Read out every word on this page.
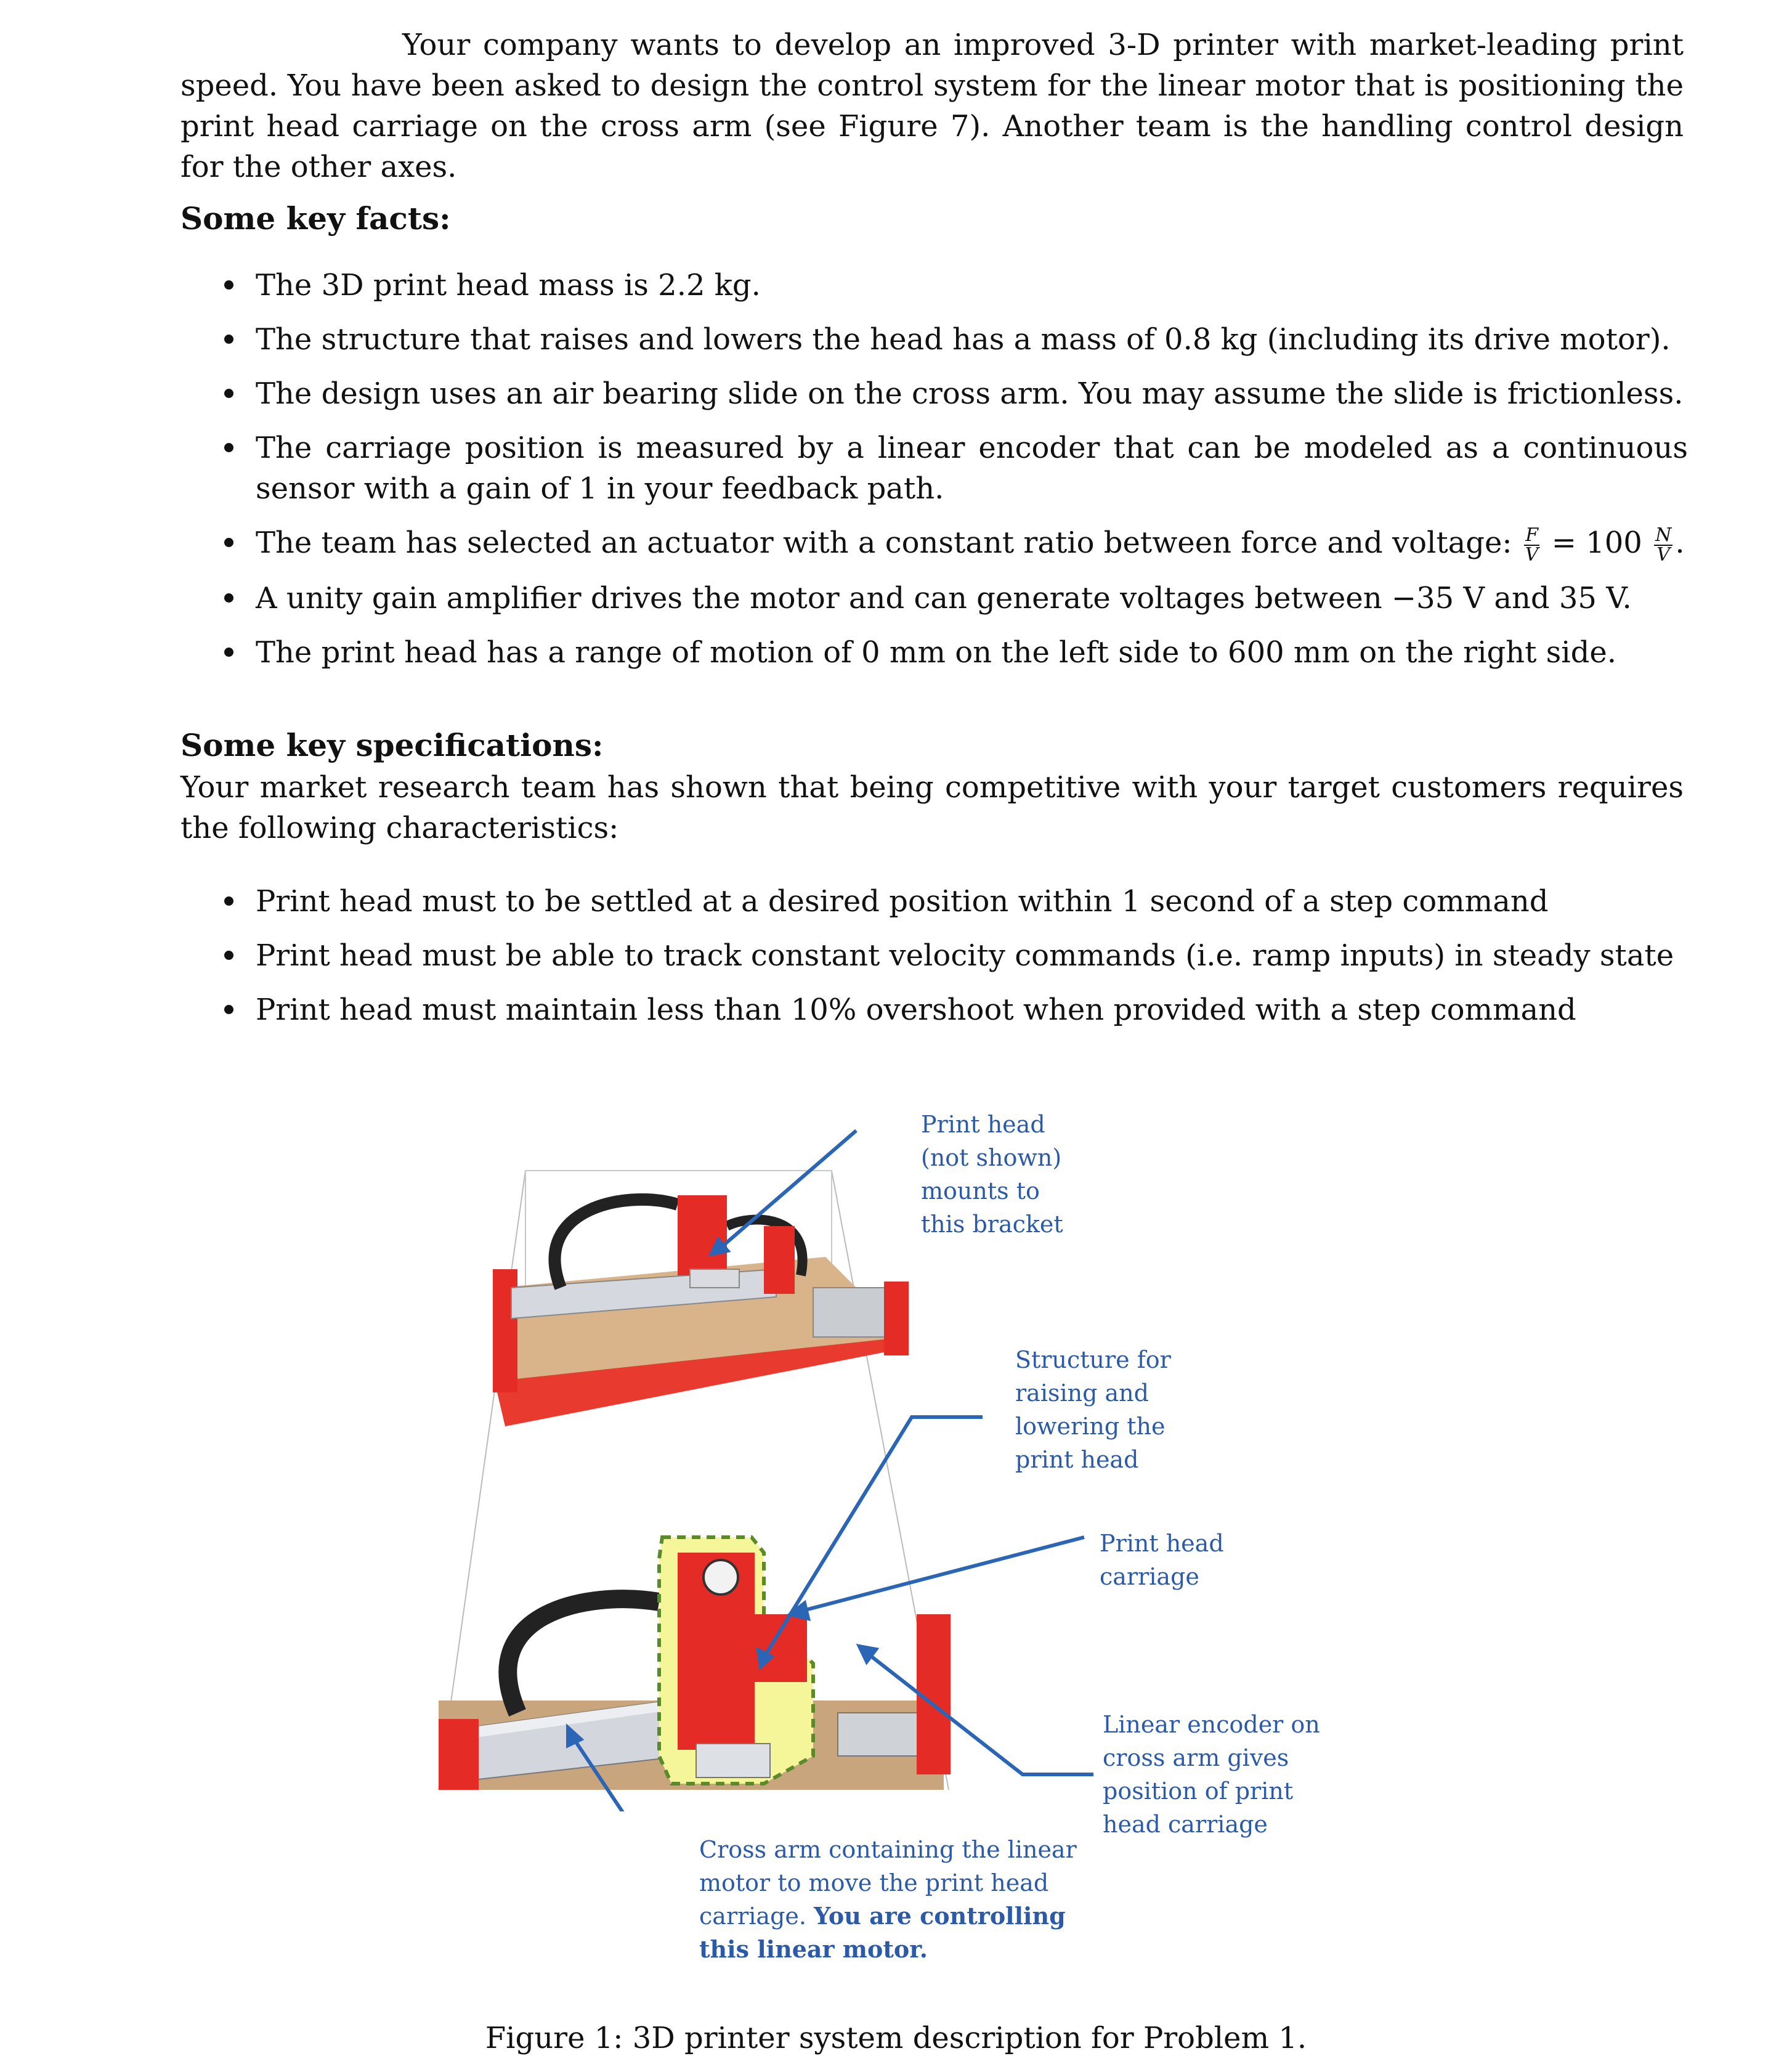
Your company wants to develop an improved 3-D printer with market-leading print speed. You have been asked to design the control system for the linear motor that is positioning the print head carriage on the cross arm (see Figure 7). Another team is the handling control design for the other axes.

Some key facts:

The 3D print head mass is 2.2 kg.
The structure that raises and lowers the head has a mass of 0.8 kg (including its drive motor).
The design uses an air bearing slide on the cross arm. You may assume the slide is frictionless.
The carriage position is measured by a linear encoder that can be modeled as a continuous sensor with a gain of 1 in your feedback path.
The team has selected an actuator with a constant ratio between force and voltage: $\frac{F}{V} = 100 \frac{N}{V}$ .
A unity gain amplifier drives the motor and can generate voltages between −35 V and 35 V.
The print head has a range of motion of 0 mm on the left side to 600 mm on the right side.

Some key specifications:

Your market research team has shown that being competitive with your target customers requires the following characteristics:

Print head must to be settled at a desired position within 1 second of a step command
Print head must be able to track constant velocity commands (i.e. ramp inputs) in steady state
Print head must maintain less than 10% overshoot when provided with a step command

Print head
(not shown)
mounts to
this bracket

Structure for
raising and
lowering the
print head

Print head
carriage

Linear encoder on
cross arm gives
position of print
head carriage

Cross arm containing the linear
motor to move the print head
carriage. You are controlling
this linear motor.

Figure 1: 3D printer system description for Problem 1.
